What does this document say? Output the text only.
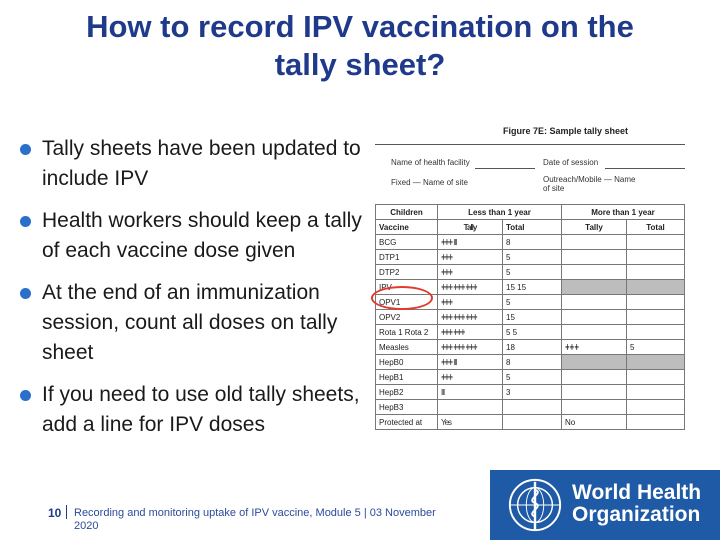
How to record IPV vaccination on the
tally sheet?
Tally sheets have been updated to include IPV
Health workers should keep a tally of each vaccine dose given
At the end of an immunization session, count all doses on tally sheet
If you need to use old tally sheets, add a line for IPV doses
Figure 7E: Sample tally sheet
Name of health facility	Date of session
Fixed — Name of site	Outreach/Mobile — Name
of site
Children	Less than 1 year		More than 1 year	
Vaccine	Tally	Total	Tally	Total
BCG	ǂǂǂ ǀǀǀ	8		
DTP1	ǂǂǂ	5		
DTP2	ǂǂǂ	5		
IPV	ǂǂǂ ǂǂǂ ǂǂǂ	15 15		
OPV1	ǂǂǂ	5		
OPV2	ǂǂǂ ǂǂǂ ǂǂǂ	15		
Rota 1 Rota 2	ǂǂǂ ǂǂǂ	5 5		
Measles	ǂǂǂ ǂǂǂ ǂǂǂ	18	ǂǂǂ	5
HepB0	ǂǂǂ ǀǀǀ	8		
HepB1	ǂǂǂ	5		
HepB2	ǀǀǀ	3		
HepB3				
Protected at	Yes		No	
10 Recording and monitoring uptake of IPV vaccine, Module 5 | 03 November 2020
World Health
Organization
